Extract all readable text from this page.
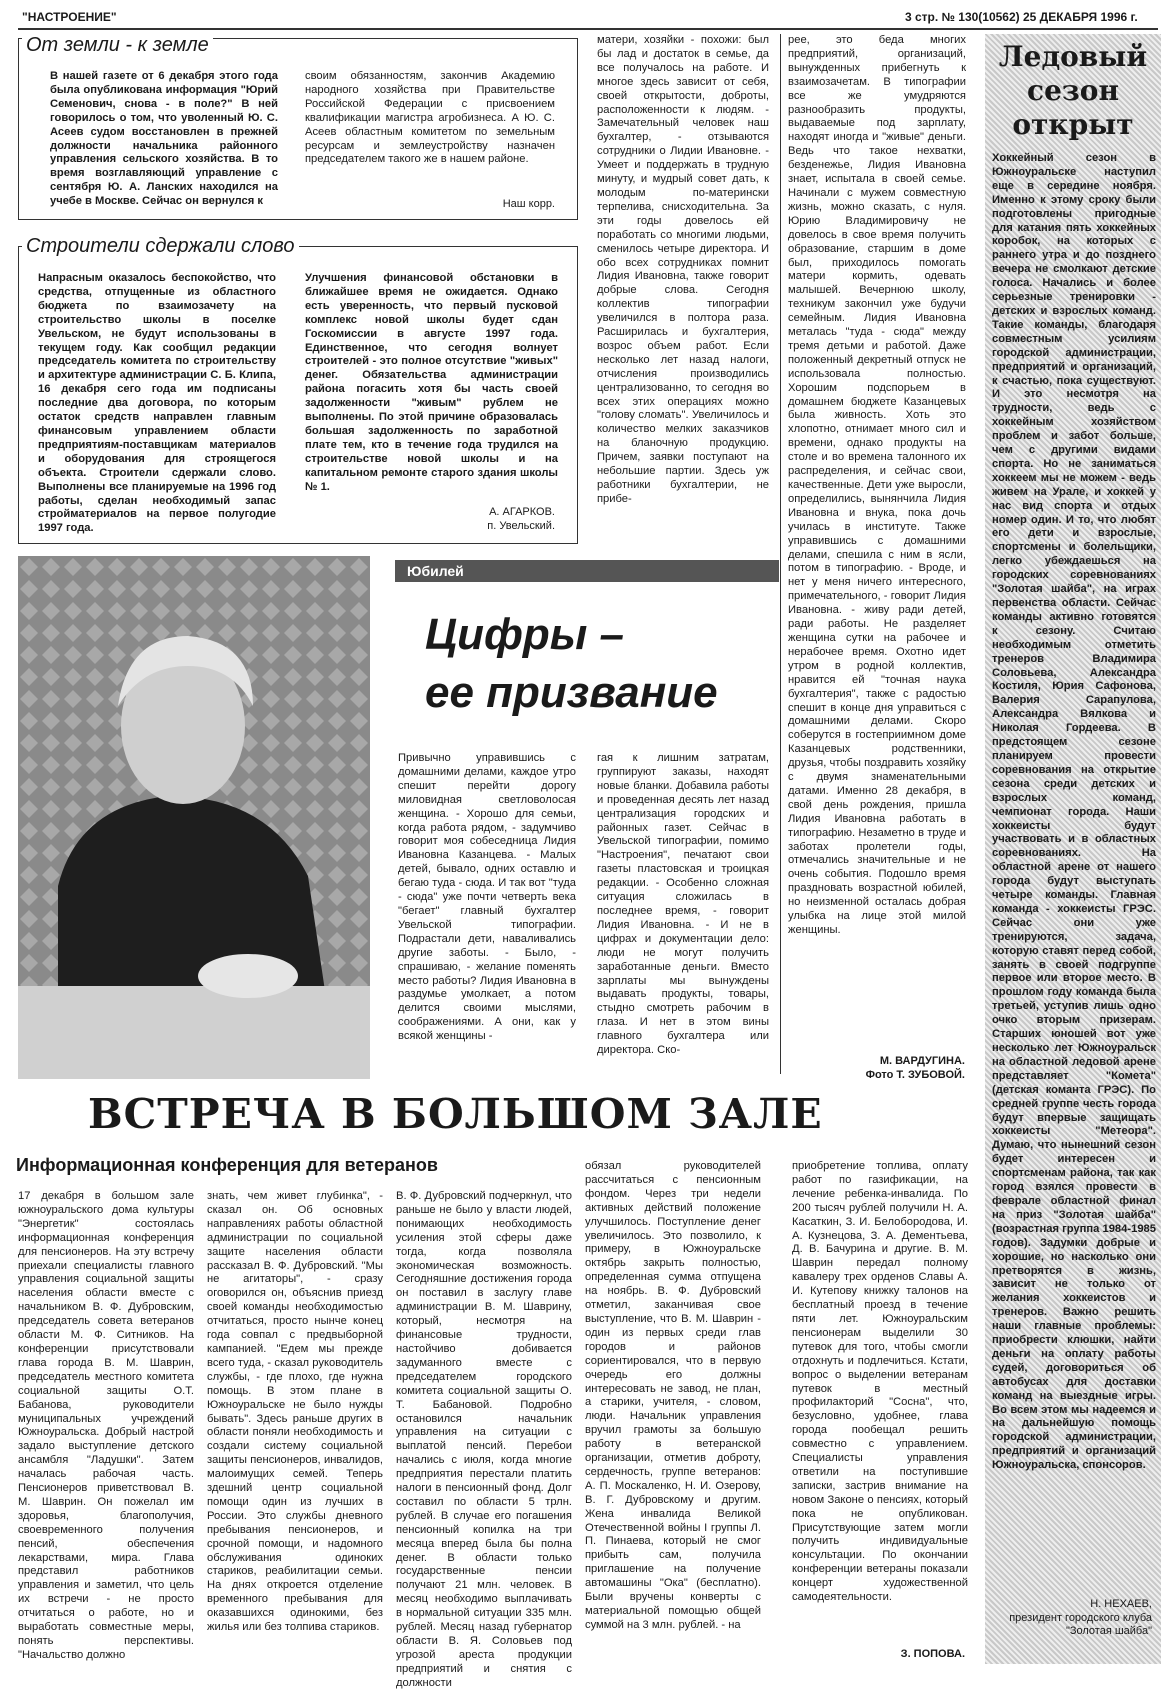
"НАСТРОЕНИЕ"	3 стр. № 130(10562) 25 ДЕКАБРЯ 1996 г.
От земли - к земле
В нашей газете от 6 декабря этого года была опубликована информация "Юрий Семенович, снова - в поле?" В ней говорилось о том, что уволенный Ю. С. Асеев судом восстановлен в прежней должности начальника районного управления сельского хозяйства. В то время возглавляющий управление с сентября Ю. А. Ланских находился на учебе в Москве. Сейчас он вернулся к
своим обязанностям, закончив Академию народного хозяйства при Правительстве Российской Федерации с присвоением квалификации магистра агробизнеса. А Ю. С. Асеев областным комитетом по земельным ресурсам и землеустройству назначен председателем такого же в нашем районе.
Наш корр.
Строители сдержали слово
Напрасным оказалось беспокойство, что средства, отпущенные из областного бюджета по взаимозачету на строительство школы в поселке Увельском, не будут использованы в текущем году. Как сообщил редакции председатель комитета по строительству и архитектуре администрации С. Б. Клипа, 16 декабря сего года им подписаны последние два договора, по которым остаток средств направлен главным финансовым управлением области предприятиям-поставщикам материалов и оборудования для строящегося объекта. Строители сдержали слово. Выполнены все планируемые на 1996 год работы, сделан необходимый запас стройматериалов на первое полугодие 1997 года.
Улучшения финансовой обстановки в ближайшее время не ожидается. Однако есть уверенность, что первый пусковой комплекс новой школы будет сдан Госкомиссии в августе 1997 года. Единственное, что сегодня волнует строителей - это полное отсутствие "живых" денег. Обязательства администрации района погасить хотя бы часть своей задолженности "живым" рублем не выполнены. По этой причине образовалась большая задолженность по заработной плате тем, кто в течение года трудился на строительстве новой школы и на капитальном ремонте старого здания школы № 1.
А. АГАРКОВ.
п. Увельский.
матери, хозяйки - похожи: был бы лад и достаток в семье, да все получалось на работе. И многое здесь зависит от себя, своей открытости, доброты, расположенности к людям. - Замечательный человек наш бухгалтер, - отзываются сотрудники о Лидии Ивановне. - Умеет и поддержать в трудную минуту, и мудрый совет дать, к молодым по-матерински терпелива, снисходительна. За эти годы довелось ей поработать со многими людьми, сменилось четыре директора. И обо всех сотрудниках помнит Лидия Ивановна, также говорит добрые слова. Сегодня коллектив типографии увеличился в полтора раза. Расширилась и бухгалтерия, возрос объем работ. Если несколько лет назад налоги, отчисления производились централизованно, то сегодня во всех этих операциях можно "голову сломать". Увеличилось и количество мелких заказчиков на бланочную продукцию. Причем, заявки поступают на небольшие партии. Здесь уж работники бухгалтерии, не прибе-
рее, это беда многих предприятий, организаций, вынужденных прибегнуть к взаимозачетам. В типографии все же умудряются разнообразить продукты, выдаваемые под зарплату, находят иногда и "живые" деньги. Ведь что такое нехватки, безденежье, Лидия Ивановна знает, испытала в своей семье. Начинали с мужем совместную жизнь, можно сказать, с нуля. Юрию Владимировичу не довелось в свое время получить образование, старшим в доме был, приходилось помогать матери кормить, одевать малышей. Вечернюю школу, техникум закончил уже будучи семейным. Лидия Ивановна металась "туда - сюда" между тремя детьми и работой. Даже положенный декретный отпуск не использовала полностью. Хорошим подспорьем в домашнем бюджете Казанцевых была живность. Хоть это хлопотно, отнимает много сил и времени, однако продукты на столе и во времена талонного их распределения, и сейчас свои, качественные. Дети уже выросли, определились, вынянчила Лидия Ивановна и внука, пока дочь училась в институте. Также управившись с домашними делами, спешила с ним в ясли, потом в типографию. - Вроде, и нет у меня ничего интересного, примечательного, - говорит Лидия Ивановна. - живу ради детей, ради работы. Не разделяет женщина сутки на рабочее и нерабочее время. Охотно идет утром в родной коллектив, нравится ей "точная наука бухгалтерия", также с радостью спешит в конце дня управиться с домашними делами. Скоро соберутся в гостеприимном доме Казанцевых родственники, друзья, чтобы поздравить хозяйку с двумя знаменательными датами. Именно 28 декабря, в свой день рождения, пришла Лидия Ивановна работать в типографию. Незаметно в труде и заботах пролетели годы, отмечались значительные и не очень события. Подошло время праздновать возрастной юбилей, но неизменной осталась добрая улыбка на лице этой милой женщины.
Юбилей
Цифры –
ее призвание
Привычно управившись с домашними делами, каждое утро спешит перейти дорогу миловидная светловолосая женщина. - Хорошо для семьи, когда работа рядом, - задумчиво говорит моя собеседница Лидия Ивановна Казанцева. - Малых детей, бывало, одних оставлю и бегаю туда - сюда. И так вот "туда - сюда" уже почти четверть века "бегает" главный бухгалтер Увельской типографии. Подрастали дети, наваливались другие заботы. - Было, - спрашиваю, - желание поменять место работы? Лидия Ивановна в раздумье умолкает, а потом делится своими мыслями, соображениями. А они, как у всякой женщины -
гая к лишним затратам, группируют заказы, находят новые бланки. Добавила работы и проведенная десять лет назад централизация городских и районных газет. Сейчас в Увельской типографии, помимо "Настроения", печатают свои газеты пластовская и троицкая редакции. - Особенно сложная ситуация сложилась в последнее время, - говорит Лидия Ивановна. - И не в цифрах и документации дело: люди не могут получить заработанные деньги. Вместо зарплаты мы вынуждены выдавать продукты, товары, стыдно смотреть рабочим в глаза. И нет в этом вины главного бухгалтера или директора. Ско-
М. ВАРДУГИНА.
Фото Т. ЗУБОВОЙ.
Ледовый
сезон
открыт
Хоккейный сезон в Южноуральске наступил еще в середине ноября. Именно к этому сроку были подготовлены пригодные для катания пять хоккейных коробок, на которых с раннего утра и до позднего вечера не смолкают детские голоса. Начались и более серьезные тренировки - детских и взрослых команд. Такие команды, благодаря совместным усилиям городской администрации, предприятий и организаций, к счастью, пока существуют. И это несмотря на трудности, ведь с хоккейным хозяйством проблем и забот больше, чем с другими видами спорта. Но не заниматься хоккеем мы не можем - ведь живем на Урале, и хоккей у нас вид спорта и отдых номер один. И то, что любят его дети и взрослые, спортсмены и болельщики, легко убеждаешься на городских соревнованиях "Золотая шайба", на играх первенства области. Сейчас команды активно готовятся к сезону. Считаю необходимым отметить тренеров Владимира Соловьева, Александра Костиля, Юрия Сафонова, Валерия Сарапулова, Александра Вялкова и Николая Гордеева. В предстоящем сезоне планируем провести соревнования на открытие сезона среди детских и взрослых команд, чемпионат города. Наши хоккеисты будут участвовать и в областных соревнованиях. На областной арене от нашего города будут выступать четыре команды. Главная команда - хоккеисты ГРЭС. Сейчас они уже тренируются, задача, которую ставят перед собой, занять в своей подгруппе первое или второе место. В прошлом году команда была третьей, уступив лишь одно очко вторым призерам. Старших юношей вот уже несколько лет Южноуральск на областной ледовой арене представляет "Комета" (детская команта ГРЭС). По средней группе честь города будут впервые защищать хоккеисты "Метеора". Думаю, что нынешний сезон будет интересен и спортсменам района, так как город взялся провести в феврале областной финал на приз "Золотая шайба" (возрастная группа 1984-1985 годов). Задумки добрые и хорошие, но насколько они претворятся в жизнь, зависит не только от желания хоккеистов и тренеров. Важно решить наши главные проблемы: приобрести клюшки, найти деньги на оплату работы судей, договориться об автобусах для доставки команд на выездные игры. Во всем этом мы надеемся и на дальнейшую помощь городской администрации, предприятий и организаций Южноуральска, спонсоров.
Н. НЕХАЕВ,
президент городского клуба "Золотая шайба"
ВСТРЕЧА В БОЛЬШОМ ЗАЛЕ
Информационная конференция для ветеранов
17 декабря в большом зале южноуральского дома культуры "Энергетик" состоялась информационная конференция для пенсионеров. На эту встречу приехали специалисты главного управления социальной защиты населения области вместе с начальником В. Ф. Дубровским, председатель совета ветеранов области М. Ф. Ситников. На конференции присутствовали глава города В. М. Шаврин, председатель местного комитета социальной защиты О.Т. Бабанова, руководители муниципальных учреждений Южноуральска. Добрый настрой задало выступление детского ансамбля "Ладушки". Затем началась рабочая часть. Пенсионеров приветствовал В. М. Шаврин. Он пожелал им здоровья, благополучия, своевременного получения пенсий, обеспечения лекарствами, мира. Глава представил работников управления и заметил, что цель их встречи - не просто отчитаться о работе, но и выработать совместные меры, понять перспективы. "Начальство должно
знать, чем живет глубинка", - сказал он. Об основных направлениях работы областной администрации по социальной защите населения области рассказал В. Ф. Дубровский. "Мы не агитаторы", - сразу оговорился он, объяснив приезд своей команды необходимостью отчитаться, просто нынче конец года совпал с предвыборной кампанией. "Едем мы прежде всего туда, - сказал руководитель службы, - где плохо, где нужна помощь. В этом плане в Южноуральске не было нужды бывать". Здесь раньше других в области поняли необходимость и создали систему социальной защиты пенсионеров, инвалидов, малоимущих семей. Теперь здешний центр социальной помощи один из лучших в России. Это службы дневного пребывания пенсионеров, и срочной помощи, и надомного обслуживания одиноких стариков, реабилитации семьи. На днях откроется отделение временного пребывания для оказавшихся одинокими, без жилья или без толпива стариков.
В. Ф. Дубровский подчеркнул, что раньше не было у власти людей, понимающих необходимость усиления этой сферы даже тогда, когда позволяла экономическая возможность. Сегодняшние достижения города он поставил в заслугу главе администрации В. М. Шаврину, который, несмотря на финансовые трудности, настойчиво добивается задуманного вместе с председателем городского комитета социальной защиты О. Т. Бабановой. Подробно остановился начальник управления на ситуации с выплатой пенсий. Перебои начались с июля, когда многие предприятия перестали платить налоги в пенсионный фонд. Долг составил по области 5 трлн. рублей. В случае его погашения пенсионный копилка на три месяца вперед была бы полна денег. В области только государственные пенсии получают 21 млн. человек. В месяц необходимо выплачивать в нормальной ситуации 335 млн. рублей. Месяц назад губернатор области В. Я. Соловьев под угрозой ареста продукции предприятий и снятия с должности
обязал руководителей рассчитаться с пенсионным фондом. Через три недели активных действий положение улучшилось. Поступление денег увеличилось. Это позволило, к примеру, в Южноуральске октябрь закрыть полностью, определенная сумма отпущена на ноябрь. В. Ф. Дубровский отметил, заканчивая свое выступление, что В. М. Шаврин - один из первых среди глав городов и районов сориентировался, что в первую очередь его должны интересовать не завод, не план, а старики, учителя, - словом, люди. Начальник управления вручил грамоты за большую работу в ветеранской организации, отметив доброту, сердечность, группе ветеранов: А. П. Москаленко, Н. И. Озерову, В. Г. Дубровскому и другим. Жена инвалида Великой Отечественной войны I группы Л. П. Пинаева, который не смог прибыть сам, получила приглашение на получение автомашины "Ока" (бесплатно). Были вручены конверты с материальной помощью общей суммой на 3 млн. рублей. - на
приобретение топлива, оплату работ по газификации, на лечение ребенка-инвалида. По 200 тысяч рублей получили Н. А. Касаткин, З. И. Белобородова, И. А. Кузнецова, З. А. Дементьева, Д. В. Бачурина и другие. В. М. Шаврин передал полному кавалеру трех орденов Славы А. И. Кутепову книжку талонов на бесплатный проезд в течение пяти лет. Южноуральским пенсионерам выделили 30 путевок для того, чтобы смогли отдохнуть и подлечиться. Кстати, вопрос о выделении ветеранам путевок в местный профилакторий "Сосна", что, безусловно, удобнее, глава города пообещал решить совместно с управлением. Специалисты управления ответили на поступившие записки, застрив внимание на новом Законе о пенсиях, который пока не опубликован. Присутствующие затем могли получить индивидуальные консультации. По окончании конференции ветераны показали концерт художественной самодеятельности.
З. ПОПОВА.
